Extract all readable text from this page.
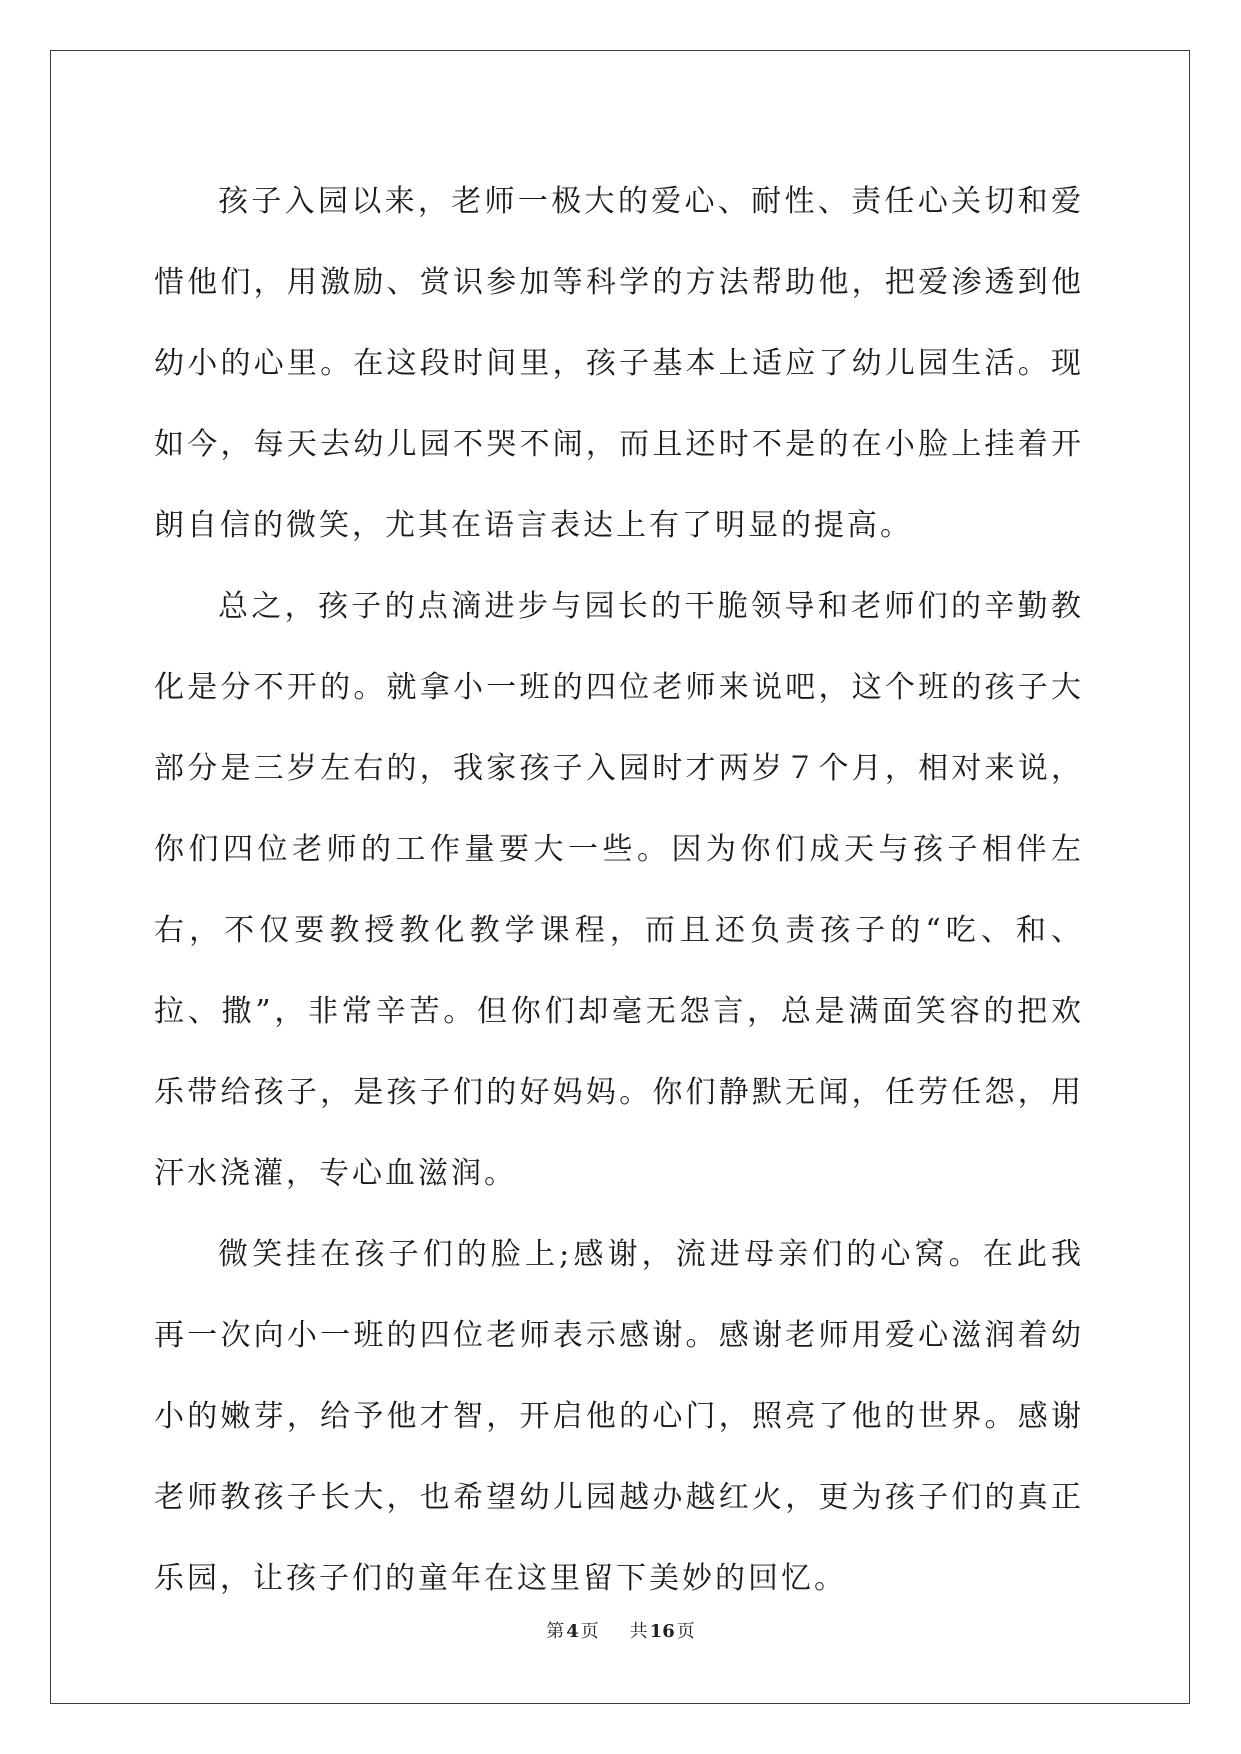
孩子入园以来，老师一极大的爱心、耐性、责任心关切和爱惜他们，用激励、赏识参加等科学的方法帮助他，把爱渗透到他幼小的心里。在这段时间里，孩子基本上适应了幼儿园生活。现如今，每天去幼儿园不哭不闹，而且还时不是的在小脸上挂着开朗自信的微笑，尤其在语言表达上有了明显的提高。

总之，孩子的点滴进步与园长的干脆领导和老师们的辛勤教化是分不开的。就拿小一班的四位老师来说吧，这个班的孩子大部分是三岁左右的，我家孩子入园时才两岁７个月，相对来说，你们四位老师的工作量要大一些。因为你们成天与孩子相伴左右，不仅要教授教化教学课程，而且还负责孩子的“吃、和、拉、撒”，非常辛苦。但你们却毫无怨言，总是满面笑容的把欢乐带给孩子，是孩子们的好妈妈。你们静默无闻，任劳任怨，用汗水浇灌，专心血滋润。

微笑挂在孩子们的脸上;感谢，流进母亲们的心窝。在此我再一次向小一班的四位老师表示感谢。感谢老师用爱心滋润着幼小的嫩芽，给予他才智，开启他的心门，照亮了他的世界。感谢老师教孩子长大，也希望幼儿园越办越红火，更为孩子们的真正乐园，让孩子们的童年在这里留下美妙的回忆。

第 4 页 共 16 页
